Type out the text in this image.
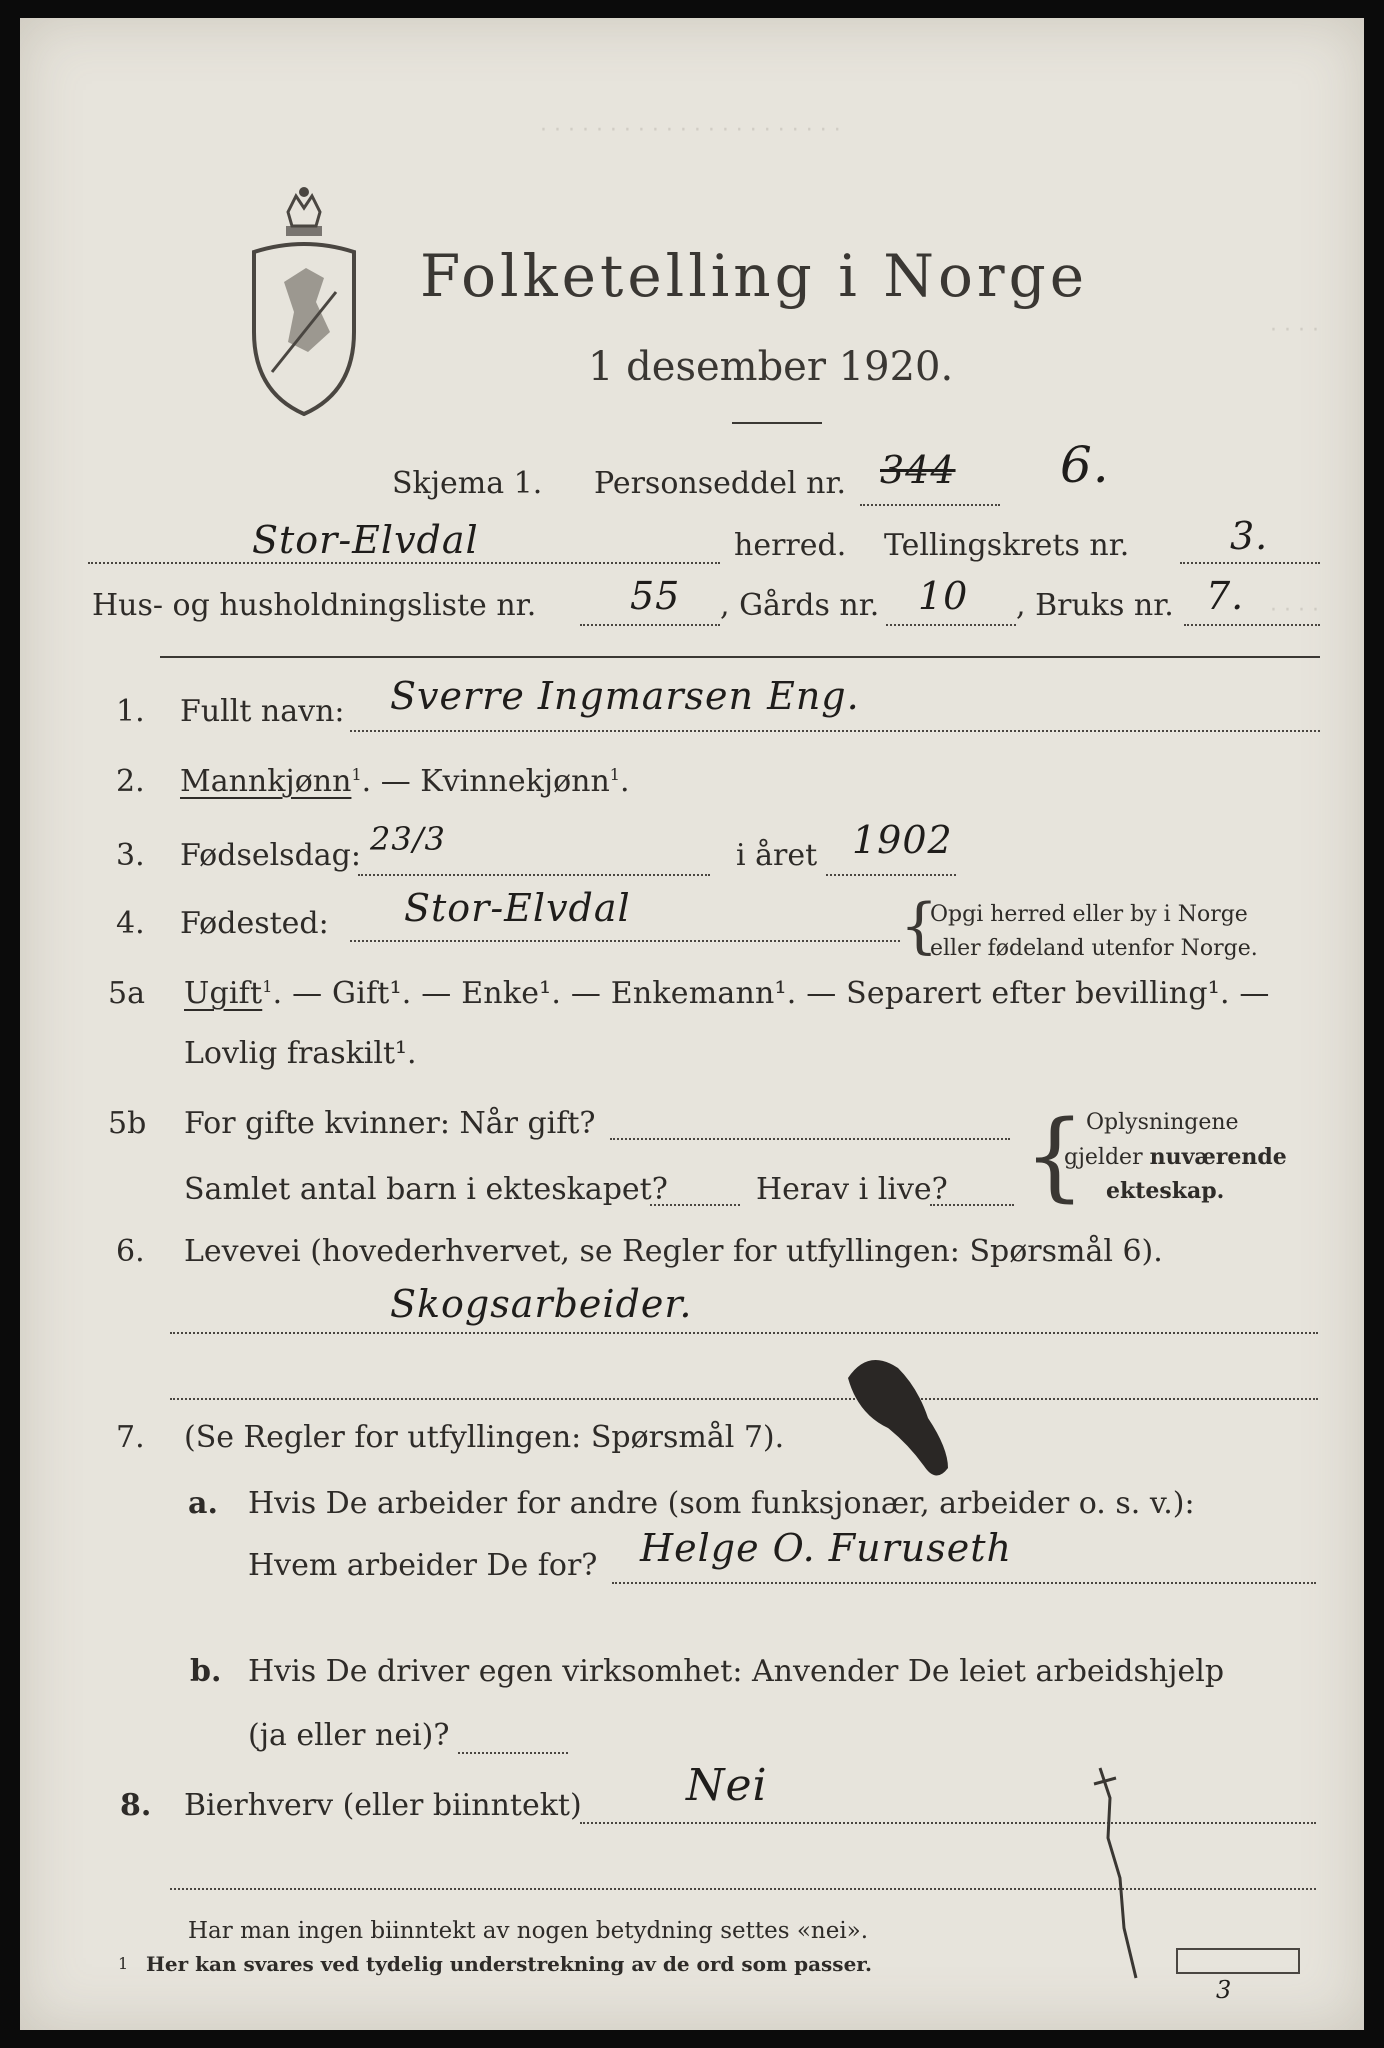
· · · · · · · · · · · · · · · · · · · · · ·
· · · ·
· · · ·
Folketelling i Norge
1 desember 1920.
Skjema 1. Personseddel nr. 344 6.
Stor-Elvdal	herred. Tellingskrets nr.	3.
Hus- og husholdningsliste nr. 55 , Gårds nr. 10 , Bruks nr. 7.
1. Fullt navn: Sverre Ingmarsen Eng.
2. Mannkjønn$^1$. — Kvinnekjønn$^1$.
3. Fødselsdag: 23/3	i året 1902
4. Fødested: Stor-Elvdal	{
Opgi herred eller by i Norge
eller fødeland utenfor Norge.
5a Ugift$^1$. — Gift¹. — Enke¹. — Enkemann¹. — Separert efter bevilling¹. —
Lovlig fraskilt¹.
5b For gifte kvinner: Når gift?
Samlet antal barn i ekteskapet?	Herav i live? { Oplysningene
gjelder nuværende
ekteskap.
6. Levevei (hovederhvervet, se Regler for utfyllingen: Spørsmål 6).
Skogsarbeider.
7. (Se Regler for utfyllingen: Spørsmål 7).
a. Hvis De arbeider for andre (som funksjonær, arbeider o. s. v.):
Hvem arbeider De for? Helge O. Furuseth
b. Hvis De driver egen virksomhet: Anvender De leiet arbeidshjelp
(ja eller nei)?
8. Bierhverv (eller biinntekt) Nei
Har man ingen biinntekt av nogen betydning settes «nei».
1 Her kan svares ved tydelig understrekning av de ord som passer.
3
